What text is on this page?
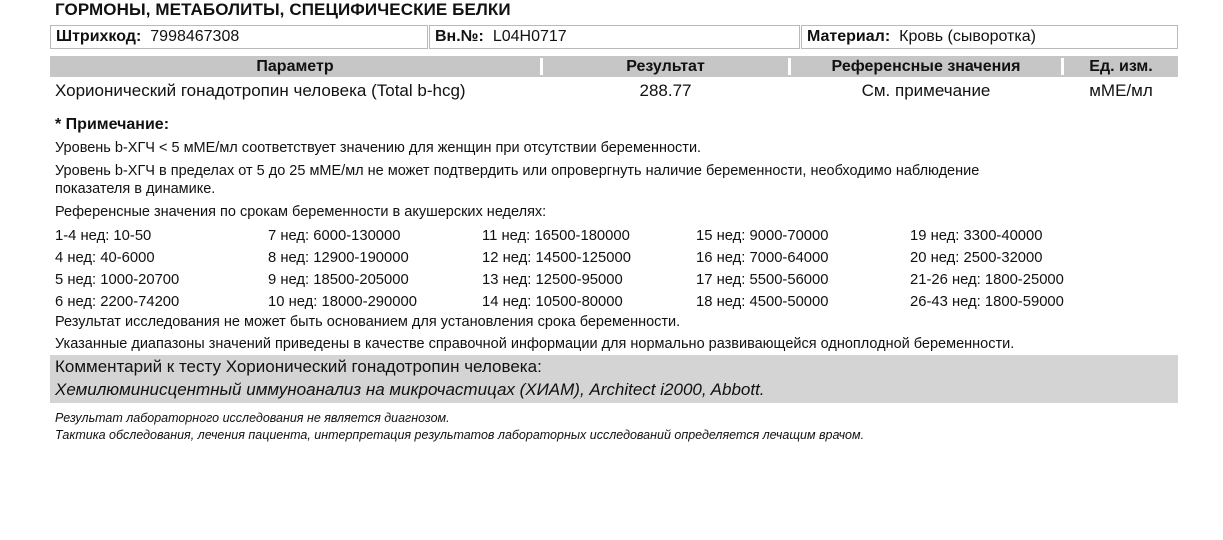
ГОРМОНЫ, МЕТАБОЛИТЫ, СПЕЦИФИЧЕСКИЕ БЕЛКИ
Штрихкод: 7998467308	Вн.№: L04H0717	Материал: Кровь (сыворотка)
Параметр	Результат	Референсные значения	Ед. изм.
Хорионический гонадотропин человека (Total b-hcg)	288.77	См. примечание	мМЕ/мл
* Примечание:
Уровень b-ХГЧ < 5 мМЕ/мл соответствует значению для женщин при отсутствии беременности.
Уровень b-ХГЧ в пределах от 5 до 25 мМЕ/мл не может подтвердить или опровергнуть наличие беременности, необходимо наблюдение
показателя в динамике.
Референсные значения по срокам беременности в акушерских неделях:
1-4 нед: 10-50	7 нед: 6000-130000	11 нед: 16500-180000	15 нед: 9000-70000	19 нед: 3300-40000
4 нед: 40-6000	8 нед: 12900-190000	12 нед: 14500-125000	16 нед: 7000-64000	20 нед: 2500-32000
5 нед: 1000-20700	9 нед: 18500-205000	13 нед: 12500-95000	17 нед: 5500-56000	21-26 нед: 1800-25000
6 нед: 2200-74200	10 нед: 18000-290000	14 нед: 10500-80000	18 нед: 4500-50000	26-43 нед: 1800-59000
Результат исследования не может быть основанием для установления срока беременности.
Указанные диапазоны значений приведены в качестве справочной информации для нормально развивающейся одноплодной беременности.
Комментарий к тесту Хорионический гонадотропин человека:
Хемилюминисцентный иммуноанализ на микрочастицах (ХИАМ), Architect i2000, Abbott.
Результат лабораторного исследования не является диагнозом.
Тактика обследования, лечения пациента, интерпретация результатов лабораторных исследований определяется лечащим врачом.
